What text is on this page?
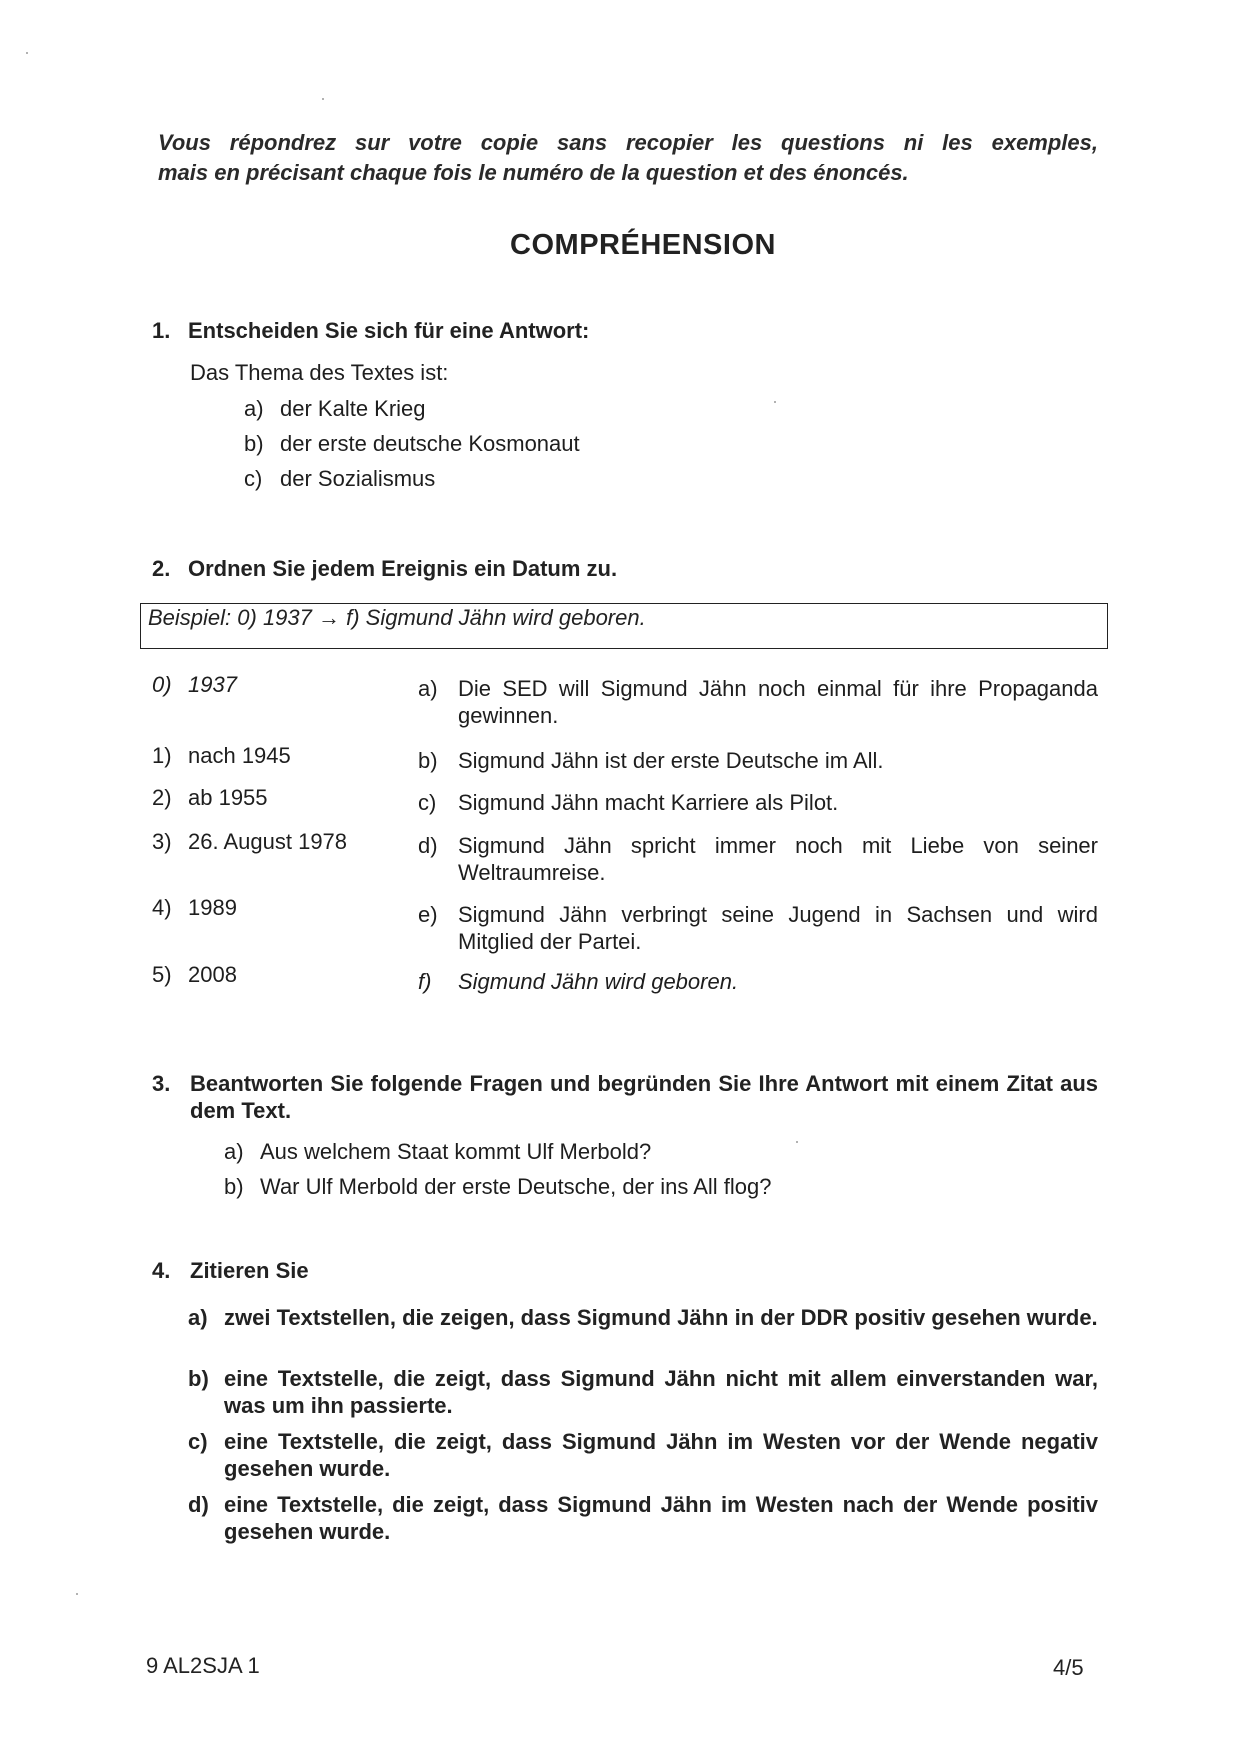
Vous répondrez sur votre copie sans recopier les questions ni les exemples,
mais en précisant chaque fois le numéro de la question et des énoncés.
COMPRÉHENSION
1. Entscheiden Sie sich für eine Antwort:
Das Thema des Textes ist:
a) der Kalte Krieg
b) der erste deutsche Kosmonaut
c) der Sozialismus
2. Ordnen Sie jedem Ereignis ein Datum zu.
Beispiel: 0) 1937 → f) Sigmund Jähn wird geboren.
0) 1937
1) nach 1945
2) ab 1955
3) 26. August 1978
4) 1989
5) 2008
a) Die SED will Sigmund Jähn noch einmal für ihre Propaganda gewinnen.
b) Sigmund Jähn ist der erste Deutsche im All.
c) Sigmund Jähn macht Karriere als Pilot.
d) Sigmund Jähn spricht immer noch mit Liebe von seiner Weltraumreise.
e) Sigmund Jähn verbringt seine Jugend in Sachsen und wird Mitglied der Partei.
f) Sigmund Jähn wird geboren.
3. Beantworten Sie folgende Fragen und begründen Sie Ihre Antwort mit einem Zitat aus dem Text.
a) Aus welchem Staat kommt Ulf Merbold?
b) War Ulf Merbold der erste Deutsche, der ins All flog?
4. Zitieren Sie
a) zwei Textstellen, die zeigen, dass Sigmund Jähn in der DDR positiv gesehen wurde.
b) eine Textstelle, die zeigt, dass Sigmund Jähn nicht mit allem einverstanden war, was um ihn passierte.
c) eine Textstelle, die zeigt, dass Sigmund Jähn im Westen vor der Wende negativ gesehen wurde.
d) eine Textstelle, die zeigt, dass Sigmund Jähn im Westen nach der Wende positiv gesehen wurde.
9 AL2SJA 1	4/5
